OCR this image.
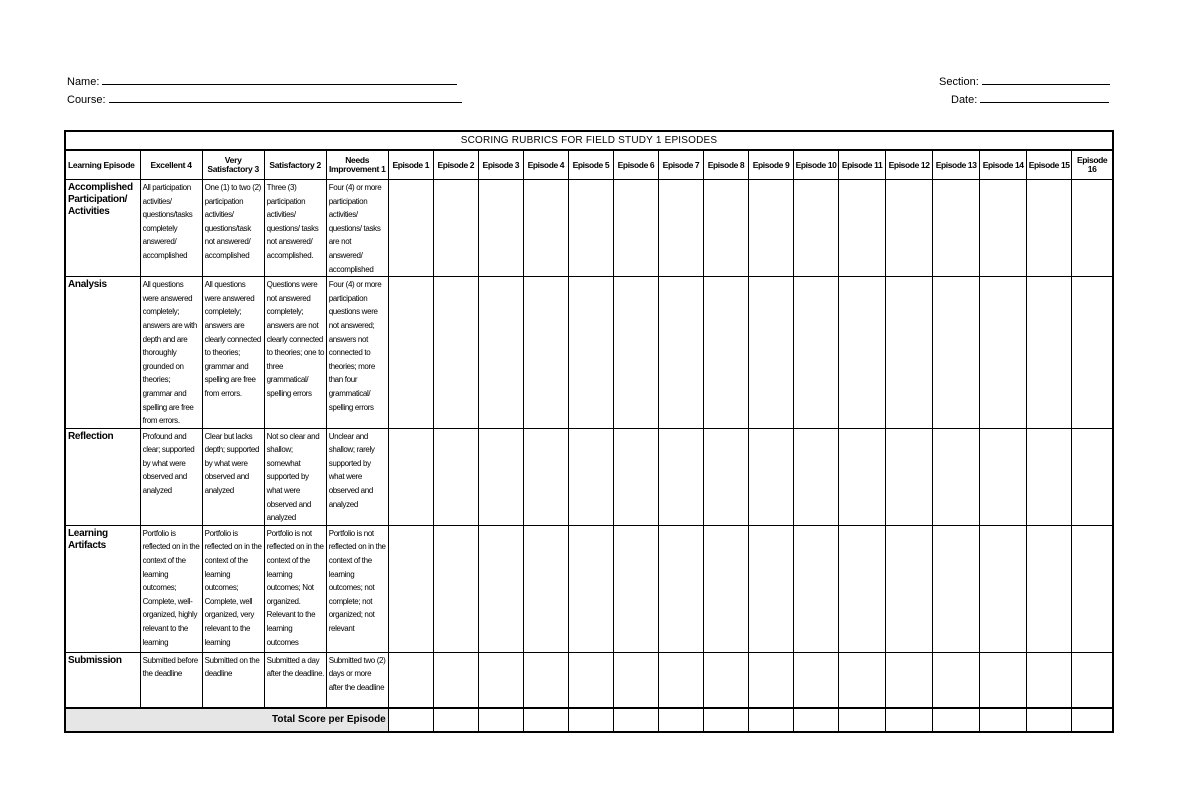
Name:
Course:
Section:
Date:
SCORING RUBRICS FOR FIELD STUDY 1 EPISODES																				
Learning Episode	Excellent 4	Very Satisfactory 3	Satisfactory 2	Needs Improvement 1	Episode 1	Episode 2	Episode 3	Episode 4	Episode 5	Episode 6	Episode 7	Episode 8	Episode 9	Episode 10	Episode 11	Episode 12	Episode 13	Episode 14	Episode 15	Episode 16
Accomplished Participation/ Activities	All participation activities/ questions/tasks completely answered/ accomplished	One (1) to two (2) participation activities/ questions/task not answered/ accomplished	Three (3) participation activities/ questions/ tasks not answered/ accomplished.	Four (4) or more participation activities/ questions/ tasks are not answered/ accomplished																
Analysis	All questions were answered completely; answers are with depth and are thoroughly grounded on theories; grammar and spelling are free from errors.	All questions were answered completely; answers are clearly connected to theories; grammar and spelling are free from errors.	Questions were not answered completely; answers are not clearly connected to theories; one to three grammatical/ spelling errors	Four (4) or more participation questions were not answered; answers not connected to theories; more than four grammatical/ spelling errors																
Reflection	Profound and clear; supported by what were observed and analyzed	Clear but lacks depth; supported by what were observed and analyzed	Not so clear and shallow; somewhat supported by what were observed and analyzed	Unclear and shallow; rarely supported by what were observed and analyzed																
Learning Artifacts	Portfolio is reflected on in the context of the learning outcomes; Complete, well-organized, highly relevant to the learning	Portfolio is reflected on in the context of the learning outcomes; Complete, well organized, very relevant to the learning	Portfolio is not reflected on in the context of the learning outcomes; Not organized. Relevant to the learning outcomes	Portfolio is not reflected on in the context of the learning outcomes; not complete; not organized; not relevant																
Submission	Submitted before the deadline	Submitted on the deadline	Submitted a day after the deadline.	Submitted two (2) days or more after the deadline																
Total Score per Episode																				
